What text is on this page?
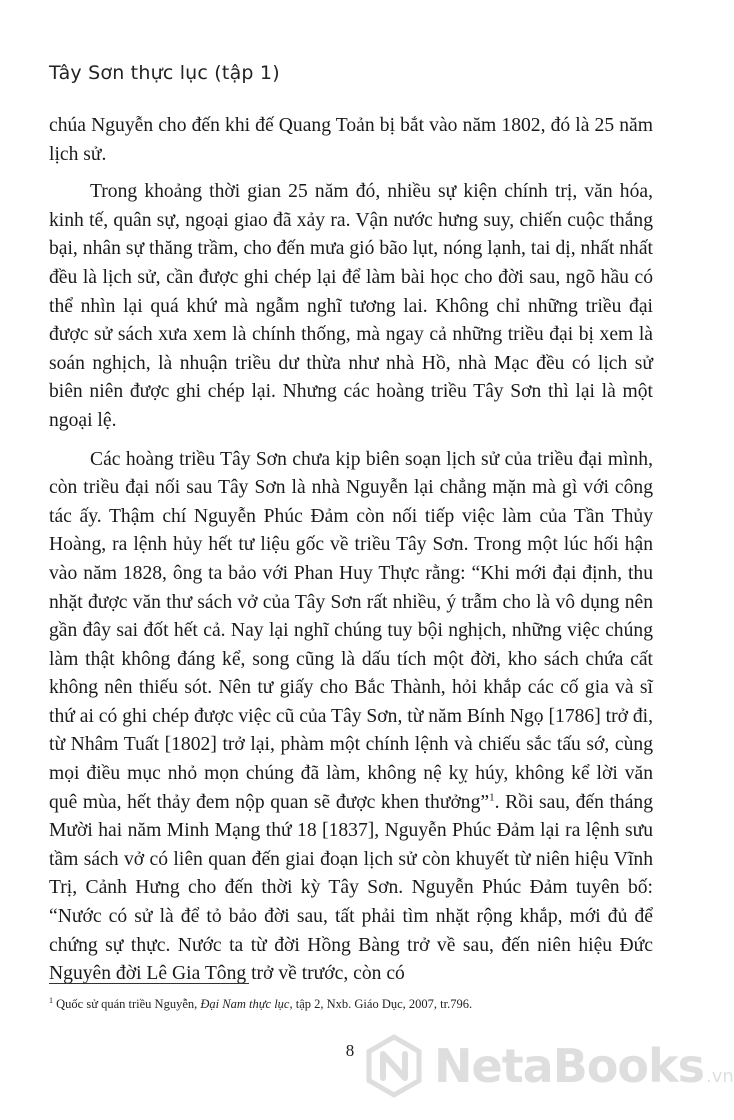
Tây Sơn thực lục (tập 1)

chúa Nguyễn cho đến khi đế Quang Toản bị bắt vào năm 1802, đó là 25 năm lịch sử.

Trong khoảng thời gian 25 năm đó, nhiều sự kiện chính trị, văn hóa, kinh tế, quân sự, ngoại giao đã xảy ra. Vận nước hưng suy, chiến cuộc thắng bại, nhân sự thăng trầm, cho đến mưa gió bão lụt, nóng lạnh, tai dị, nhất nhất đều là lịch sử, cần được ghi chép lại để làm bài học cho đời sau, ngõ hầu có thể nhìn lại quá khứ mà ngẫm nghĩ tương lai. Không chỉ những triều đại được sử sách xưa xem là chính thống, mà ngay cả những triều đại bị xem là soán nghịch, là nhuận triều dư thừa như nhà Hồ, nhà Mạc đều có lịch sử biên niên được ghi chép lại. Nhưng các hoàng triều Tây Sơn thì lại là một ngoại lệ.

Các hoàng triều Tây Sơn chưa kịp biên soạn lịch sử của triều đại mình, còn triều đại nối sau Tây Sơn là nhà Nguyễn lại chẳng mặn mà gì với công tác ấy. Thậm chí Nguyễn Phúc Đảm còn nối tiếp việc làm của Tần Thủy Hoàng, ra lệnh hủy hết tư liệu gốc về triều Tây Sơn. Trong một lúc hối hận vào năm 1828, ông ta bảo với Phan Huy Thực rằng: “Khi mới đại định, thu nhặt được văn thư sách vở của Tây Sơn rất nhiều, ý trẫm cho là vô dụng nên gần đây sai đốt hết cả. Nay lại nghĩ chúng tuy bội nghịch, những việc chúng làm thật không đáng kể, song cũng là dấu tích một đời, kho sách chứa cất không nên thiếu sót. Nên tư giấy cho Bắc Thành, hỏi khắp các cố gia và sĩ thứ ai có ghi chép được việc cũ của Tây Sơn, từ năm Bính Ngọ [1786] trở đi, từ Nhâm Tuất [1802] trở lại, phàm một chính lệnh và chiếu sắc tấu sớ, cùng mọi điều mục nhỏ mọn chúng đã làm, không nệ kỵ húy, không kể lời văn quê mùa, hết thảy đem nộp quan sẽ được khen thưởng”$^1$. Rồi sau, đến tháng Mười hai năm Minh Mạng thứ 18 [1837], Nguyễn Phúc Đảm lại ra lệnh sưu tầm sách vở có liên quan đến giai đoạn lịch sử còn khuyết từ niên hiệu Vĩnh Trị, Cảnh Hưng cho đến thời kỳ Tây Sơn. Nguyễn Phúc Đảm tuyên bố: “Nước có sử là để tỏ bảo đời sau, tất phải tìm nhặt rộng khắp, mới đủ để chứng sự thực. Nước ta từ đời Hồng Bàng trở về sau, đến niên hiệu Đức Nguyên đời Lê Gia Tông trở về trước, còn có

$^1$ Quốc sử quán triều Nguyễn, Đại Nam thực lục, tập 2, Nxb. Giáo Dục, 2007, tr.796.
8	NetaBooks .vn
